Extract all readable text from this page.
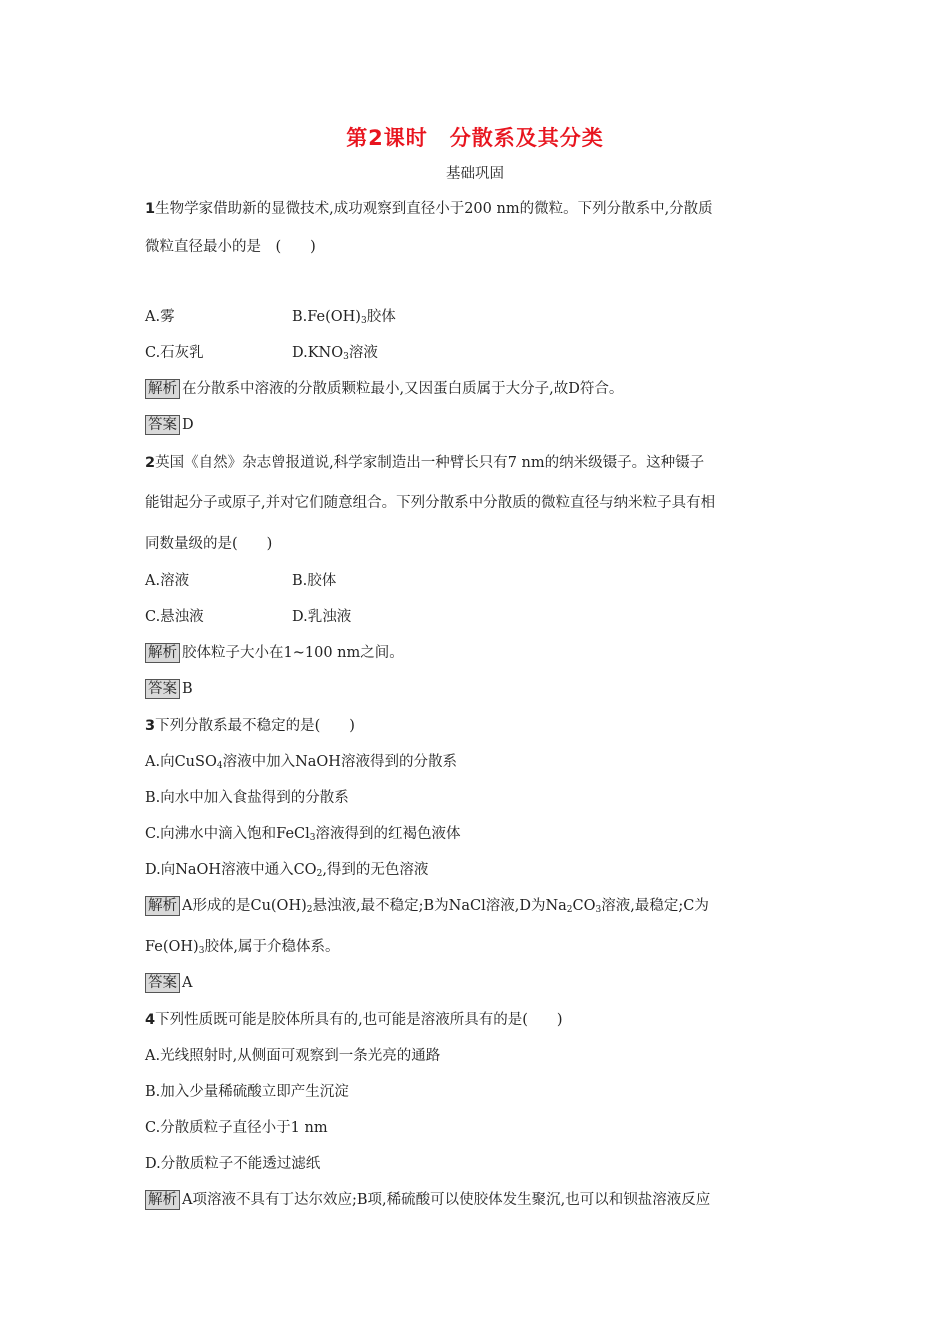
第2课时　分散系及其分类
基础巩固
1生物学家借助新的显微技术,成功观察到直径小于200 nm的微粒。下列分散系中,分散质
微粒直径最小的是　(　　)
A.雾	$B.Fe(OH)_3$胶体
C.石灰乳	$D.KNO_3$溶液
解析 在分散系中溶液的分散质颗粒最小,又因蛋白质属于大分子,故D符合。
答案 D
2英国《自然》杂志曾报道说,科学家制造出一种臂长只有7 nm的纳米级镊子。这种镊子
能钳起分子或原子,并对它们随意组合。下列分散系中分散质的微粒直径与纳米粒子具有相
同数量级的是(　　)
A.溶液	B.胶体
C.悬浊液	D.乳浊液
解析 胶体粒子大小在1~100 nm之间。
答案 B
3下列分散系最不稳定的是(　　)
A.向CuSO$_4$溶液中加入NaOH溶液得到的分散系
B.向水中加入食盐得到的分散系
C.向沸水中滴入饱和FeCl$_3$溶液得到的红褐色液体
D.向NaOH溶液中通入$CO_2$,得到的无色溶液
解析 A形成的是$Cu(OH)_2$悬浊液,最不稳定;B为NaCl溶液,D为$Na_2CO_3$溶液,最稳定;C为
$Fe(OH)_3$胶体,属于介稳体系。
答案 A
4下列性质既可能是胶体所具有的,也可能是溶液所具有的是(　　)
A.光线照射时,从侧面可观察到一条光亮的通路
B.加入少量稀硫酸立即产生沉淀
C.分散质粒子直径小于1 nm
D.分散质粒子不能透过滤纸
解析 A项溶液不具有丁达尔效应;B项,稀硫酸可以使胶体发生聚沉,也可以和钡盐溶液反应
